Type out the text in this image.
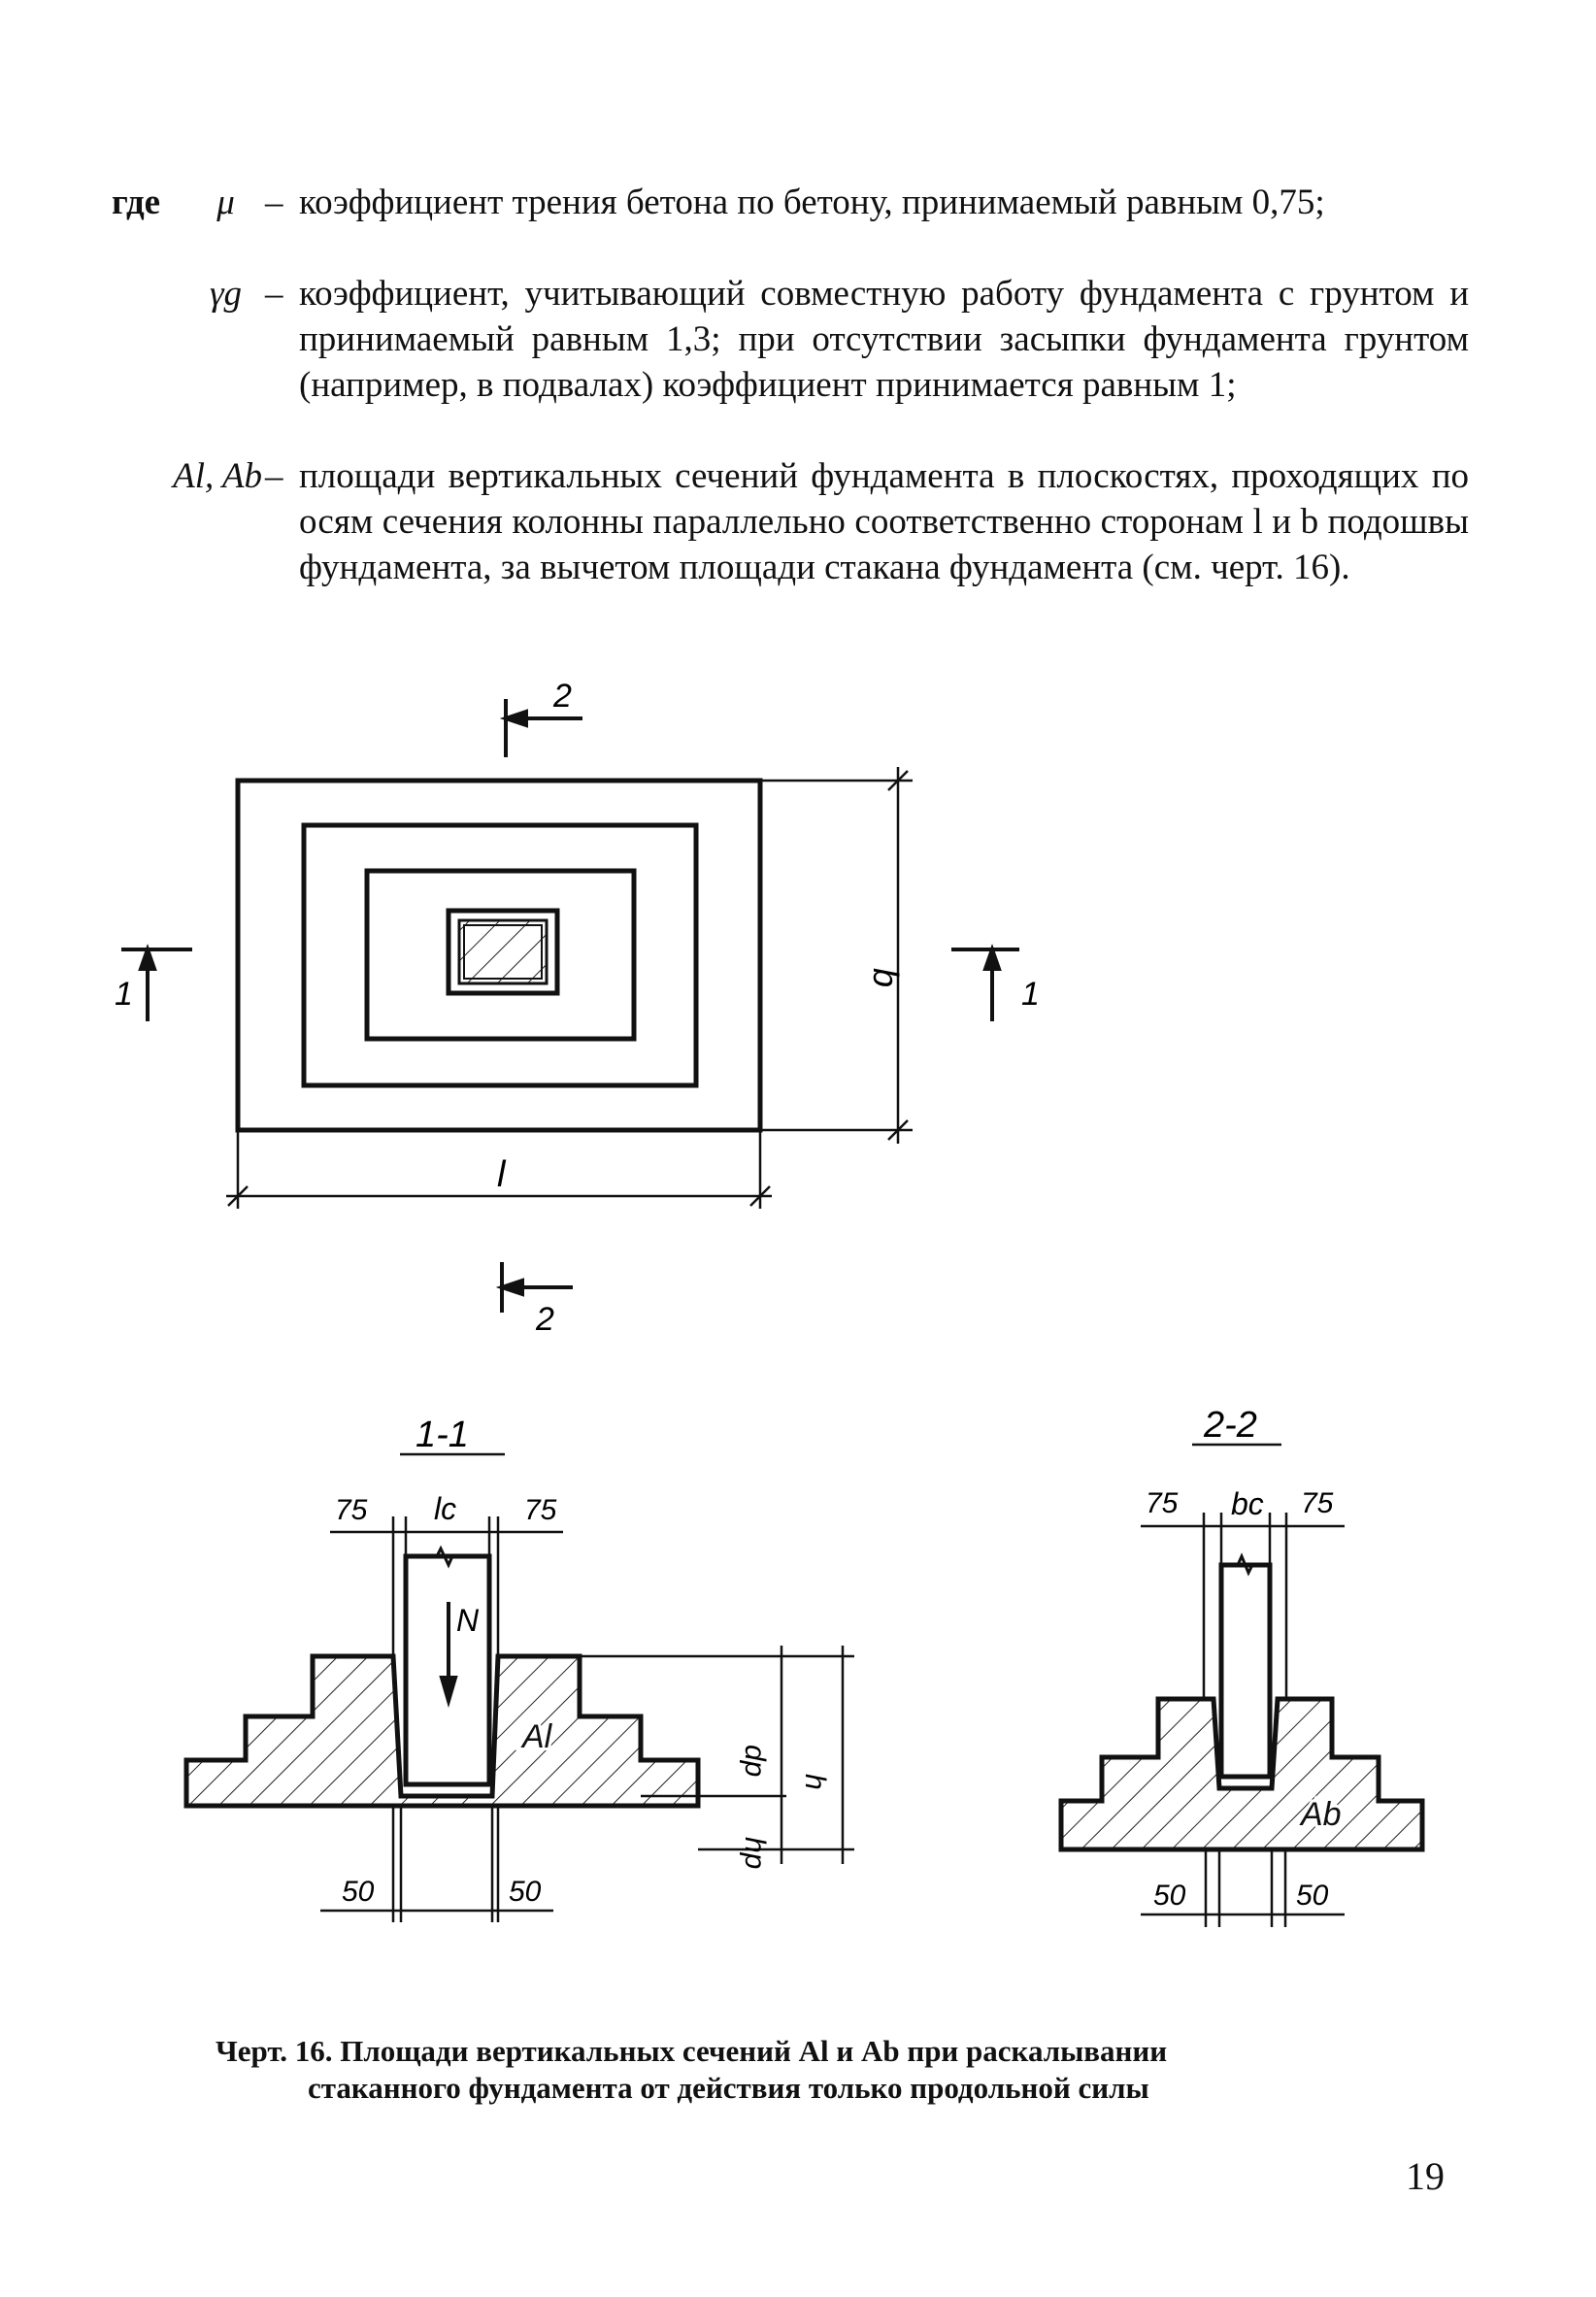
где	μ – коэффициент трения бетона по бетону, принимаемый равным 0,75;
γg – коэффициент, учитывающий совместную работу фундамента с грунтом и принимаемый равным 1,3; при отсутствии засыпки фундамента грунтом (например, в подвалах) коэффициент принимается равным 1;
Al, Ab – площади вертикальных сечений фундамента в плоскостях, проходящих по осям сечения колонны параллельно соответственно сторонам l и b подошвы фундамента, за вычетом площади стакана фундамента (см. черт. 16).
b
l
1	1
2
2
1-1
N
Al
75 lc 75
dp
h
hp
50	50
2-2
Ab
75 bc 75
50	50
Черт. 16. Площади вертикальных сечений Al и Ab при раскалывании
стаканного фундамента от действия только продольной силы
19
